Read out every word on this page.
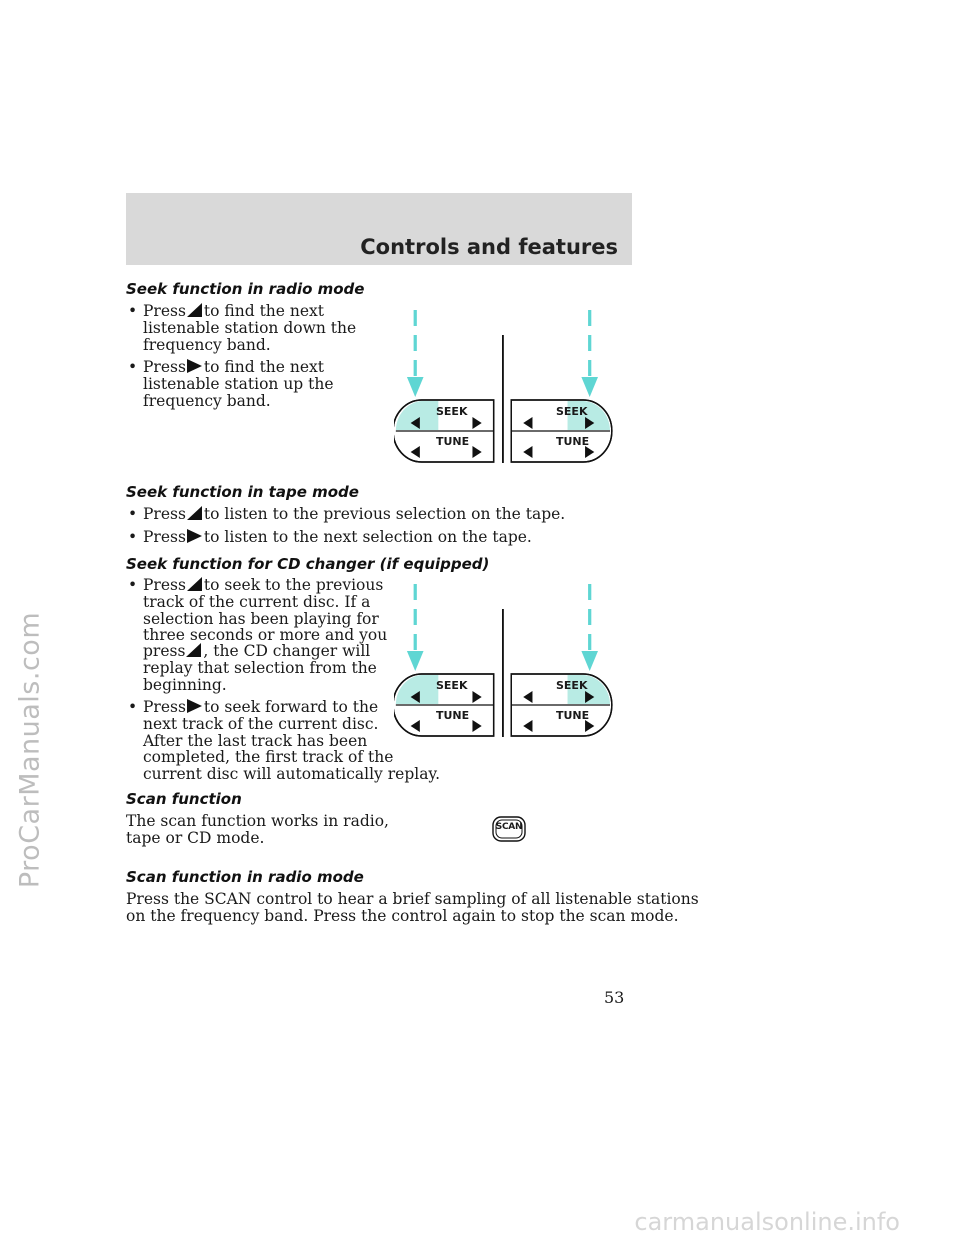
ProCarManuals.com
Controls and features
Seek function in radio mode
• Press to find the next
listenable station down the
frequency band.
• Press to find the next
listenable station up the
frequency band.
SEEK
TUNE
SEEK
TUNE
Seek function in tape mode
• Press to listen to the previous selection on the tape.
• Press to listen to the next selection on the tape.
Seek function for CD changer (if equipped)
• Press to seek to the previous
track of the current disc. If a
selection has been playing for
three seconds or more and you
press , the CD changer will
replay that selection from the
beginning.
• Press to seek forward to the
next track of the current disc.
After the last track has been
completed, the first track of the
current disc will automatically replay.
SEEK
TUNE
SEEK
TUNE
Scan function
The scan function works in radio,
tape or CD mode.
SCAN
Scan function in radio mode
Press the SCAN control to hear a brief sampling of all listenable stations
on the frequency band. Press the control again to stop the scan mode.
53
carmanualsonline.info
